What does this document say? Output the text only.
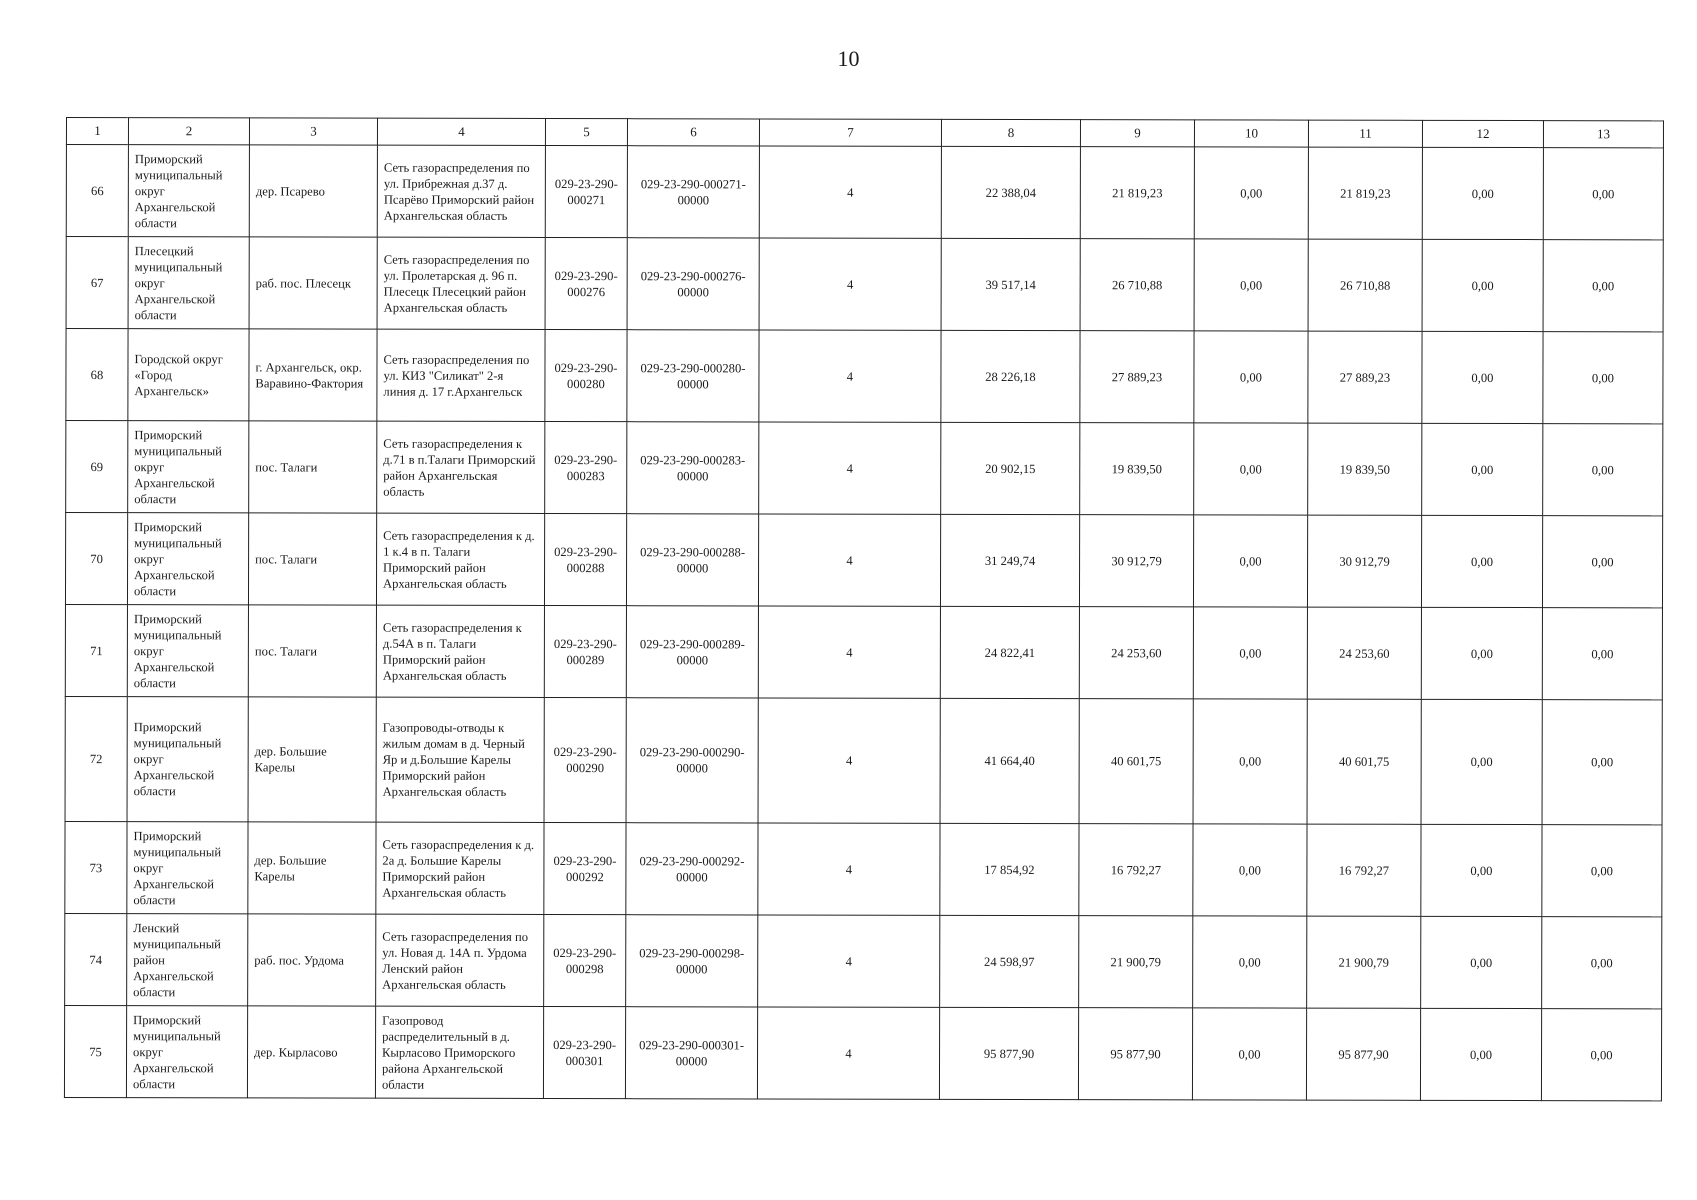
10
1	2	3	4	5	6	7	8	9	10	11	12	13
66	Приморский муниципальный округ Архангельской области	дер. Псарево	Сеть газораспределения по ул. Прибрежная д.37 д. Псарёво Приморский район Архангельская область	029-23-290-000271	029-23-290-000271-00000	4	22 388,04	21 819,23	0,00	21 819,23	0,00	0,00
67	Плесецкий муниципальный округ Архангельской области	раб. пос. Плесецк	Сеть газораспределения по ул. Пролетарская д. 96 п. Плесецк Плесецкий район Архангельская область	029-23-290-000276	029-23-290-000276-00000	4	39 517,14	26 710,88	0,00	26 710,88	0,00	0,00
68	Городской округ «Город Архангельск»	г. Архангельск, окр. Варавино-Фактория	Сеть газораспределения по ул. КИЗ "Силикат" 2-я линия д. 17 г.Архангельск	029-23-290-000280	029-23-290-000280-00000	4	28 226,18	27 889,23	0,00	27 889,23	0,00	0,00
69	Приморский муниципальный округ Архангельской области	пос. Талаги	Сеть газораспределения к д.71 в п.Талаги Приморский район Архангельская область	029-23-290-000283	029-23-290-000283-00000	4	20 902,15	19 839,50	0,00	19 839,50	0,00	0,00
70	Приморский муниципальный округ Архангельской области	пос. Талаги	Сеть газораспределения к д. 1 к.4 в п. Талаги Приморский район Архангельская область	029-23-290-000288	029-23-290-000288-00000	4	31 249,74	30 912,79	0,00	30 912,79	0,00	0,00
71	Приморский муниципальный округ Архангельской области	пос. Талаги	Сеть газораспределения к д.54А в п. Талаги Приморский район Архангельская область	029-23-290-000289	029-23-290-000289-00000	4	24 822,41	24 253,60	0,00	24 253,60	0,00	0,00
72	Приморский муниципальный округ Архангельской области	дер. Большие Карелы	Газопроводы-отводы к жилым домам в д. Черный Яр и д.Большие Карелы Приморский район Архангельская область	029-23-290-000290	029-23-290-000290-00000	4	41 664,40	40 601,75	0,00	40 601,75	0,00	0,00
73	Приморский муниципальный округ Архангельской области	дер. Большие Карелы	Сеть газораспределения к д. 2а д. Большие Карелы Приморский район Архангельская область	029-23-290-000292	029-23-290-000292-00000	4	17 854,92	16 792,27	0,00	16 792,27	0,00	0,00
74	Ленский муниципальный район Архангельской области	раб. пос. Урдома	Сеть газораспределения по ул. Новая д. 14А п. Урдома Ленский район Архангельская область	029-23-290-000298	029-23-290-000298-00000	4	24 598,97	21 900,79	0,00	21 900,79	0,00	0,00
75	Приморский муниципальный округ Архангельской области	дер. Кырласово	Газопровод распределительный в д. Кырласово Приморского района Архангельской области	029-23-290-000301	029-23-290-000301-00000	4	95 877,90	95 877,90	0,00	95 877,90	0,00	0,00
